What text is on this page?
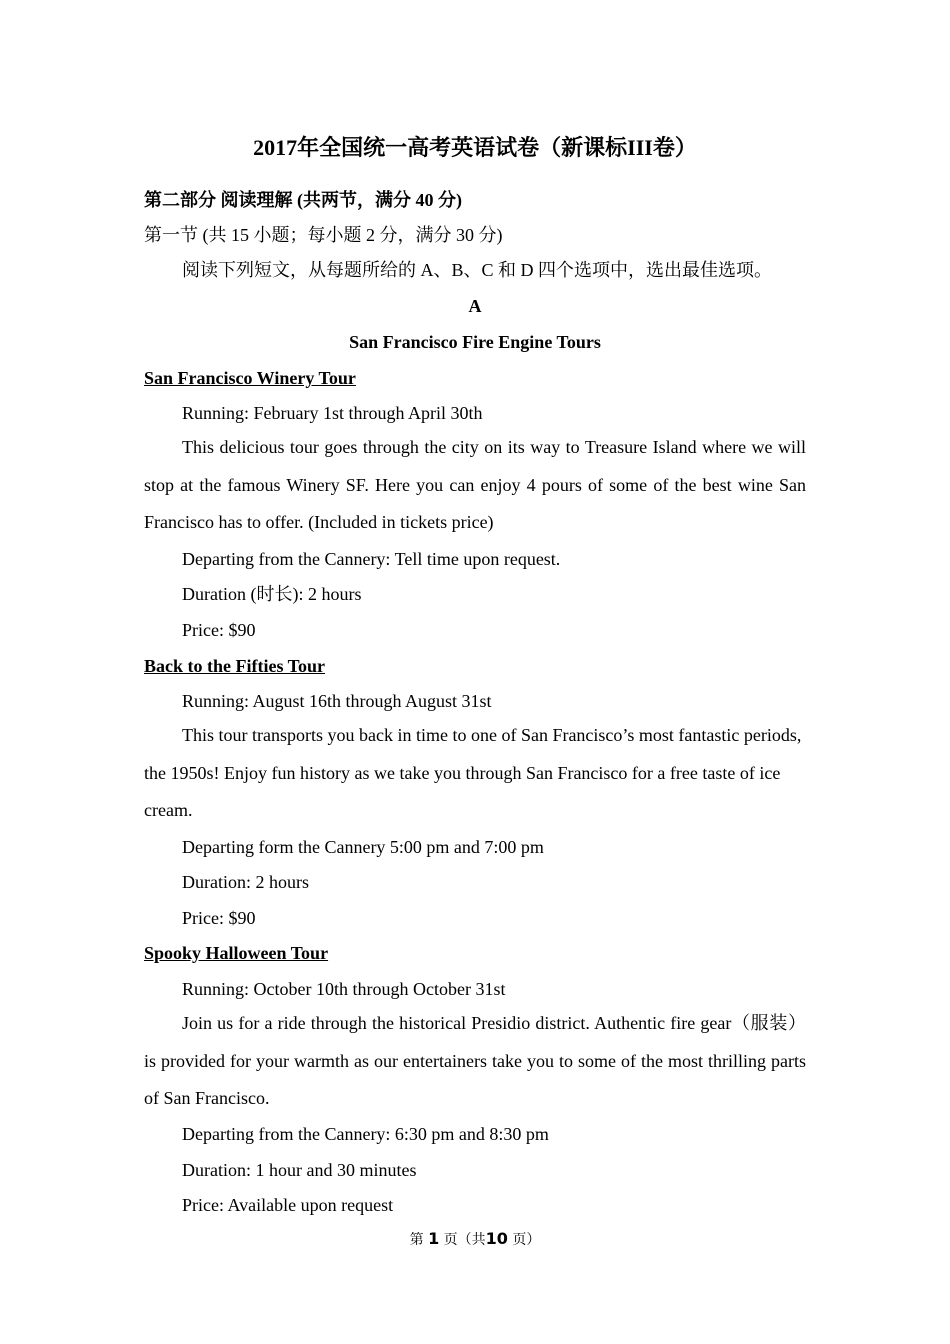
2017年全国统一高考英语试卷（新课标III卷）
第二部分 阅读理解 (共两节，满分 40 分)
第一节 (共 15 小题；每小题 2 分，满分 30 分)
阅读下列短文，从每题所给的 A、B、C 和 D 四个选项中，选出最佳选项。
A
San Francisco Fire Engine Tours
San Francisco Winery Tour
Running: February 1st through April 30th
This delicious tour goes through the city on its way to Treasure Island where we will stop at the famous Winery SF. Here you can enjoy 4 pours of some of the best wine San Francisco has to offer. (Included in tickets price)
Departing from the Cannery: Tell time upon request.
Duration (时长): 2 hours
Price: $90
Back to the Fifties Tour
Running: August 16th through August 31st
This tour transports you back in time to one of San Francisco’s most fantastic periods, the 1950s! Enjoy fun history as we take you through San Francisco for a free taste of ice cream.
Departing form the Cannery 5:00 pm and 7:00 pm
Duration: 2 hours
Price: $90
Spooky Halloween Tour
Running: October 10th through October 31st
Join us for a ride through the historical Presidio district. Authentic fire gear（服装）is provided for your warmth as our entertainers take you to some of the most thrilling parts of San Francisco.
Departing from the Cannery: 6:30 pm and 8:30 pm
Duration: 1 hour and 30 minutes
Price: Available upon request
第 1 页（共10 页）
